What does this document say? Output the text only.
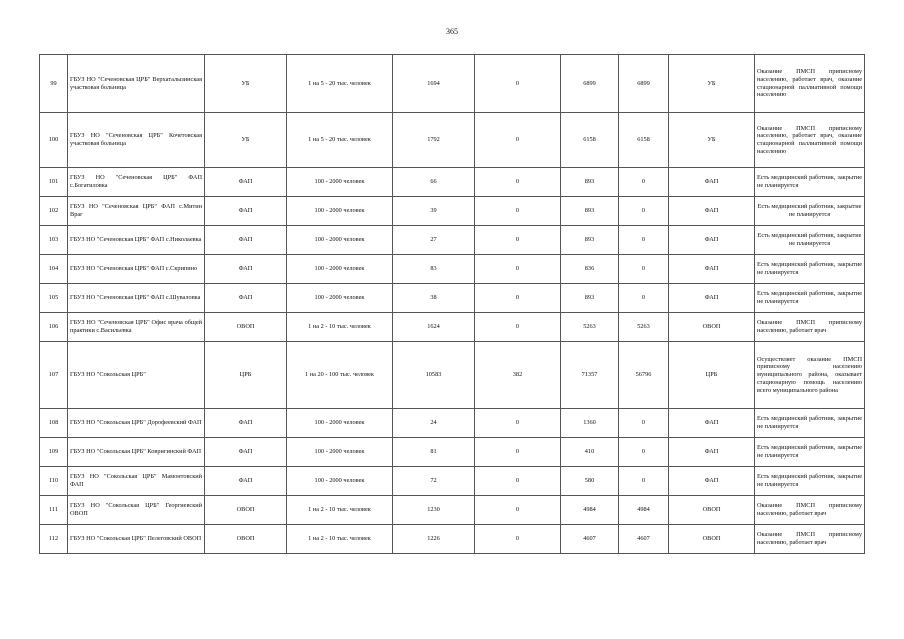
365
99	ГБУЗ НО "Сеченовская ЦРБ" Верхаталызинская участковая больница	УБ	1 на 5 - 20 тыс. человек	1694	0	6899	6899	УБ	Оказание ПМСП приписному населению, работает врач, оказание стационарной паллиативной помощи населению
100	ГБУЗ НО "Сеченовская ЦРБ" Кочетовская участковая больница	УБ	1 на 5 - 20 тыс. человек	1792	0	6158	6158	УБ	Оказание ПМСП приписному населению, работает врач, оказание стационарной паллиативной помощи населению
101	ГБУЗ НО "Сеченовская ЦРБ" ФАП с.Богатиловка	ФАП	100 - 2000 человек	66	0	893	0	ФАП	Есть медицинский работник, закрытие не планируется
102	ГБУЗ НО "Сеченовская ЦРБ" ФАП с.Митин Враг	ФАП	100 - 2000 человек	39	0	893	0	ФАП	Есть медицинский работник, закрытие не планируется
103	ГБУЗ НО "Сеченовская ЦРБ" ФАП с.Николаевка	ФАП	100 - 2000 человек	27	0	893	0	ФАП	Есть медицинский работник, закрытие не планируется
104	ГБУЗ НО "Сеченовская ЦРБ" ФАП с.Скрипино	ФАП	100 - 2000 человек	83	0	836	0	ФАП	Есть медицинский работник, закрытие не планируется
105	ГБУЗ НО "Сеченовская ЦРБ" ФАП с.Шуваловка	ФАП	100 - 2000 человек	38	0	893	0	ФАП	Есть медицинский работник, закрытие не планируется
106	ГБУЗ НО "Сеченовская ЦРБ" Офис врача общей практики с.Васильевка	ОВОП	1 на 2 - 10 тыс. человек	1624	0	5263	5263	ОВОП	Оказание ПМСП приписному населению, работает врач
107	ГБУЗ НО "Сокольская ЦРБ"	ЦРБ	1 на 20 - 100 тыс. человек	10583	382	71357	56796	ЦРБ	Осуществляет оказание ПМСП приписному населению муниципального района, оказывает стационарную помощь населению всего муниципального района
108	ГБУЗ НО "Сокольская ЦРБ" Дорофеевский ФАП	ФАП	100 - 2000 человек	24	0	1360	0	ФАП	Есть медицинский работник, закрытие не планируется
109	ГБУЗ НО "Сокольская ЦРБ" Ковригинский ФАП	ФАП	100 - 2000 человек	81	0	410	0	ФАП	Есть медицинский работник, закрытие не планируется
110	ГБУЗ НО "Сокольская ЦРБ" Мамонтовский ФАП	ФАП	100 - 2000 человек	72	0	580	0	ФАП	Есть медицинский работник, закрытие не планируется
111	ГБУЗ НО "Сокольская ЦРБ" Георгиевский ОВОП	ОВОП	1 на 2 - 10 тыс. человек	1230	0	4984	4984	ОВОП	Оказание ПМСП приписному населению, работает врач
112	ГБУЗ НО "Сокольская ЦРБ" Пелеговский ОВОП	ОВОП	1 на 2 - 10 тыс. человек	1226	0	4607	4607	ОВОП	Оказание ПМСП приписному населению, работает врач
